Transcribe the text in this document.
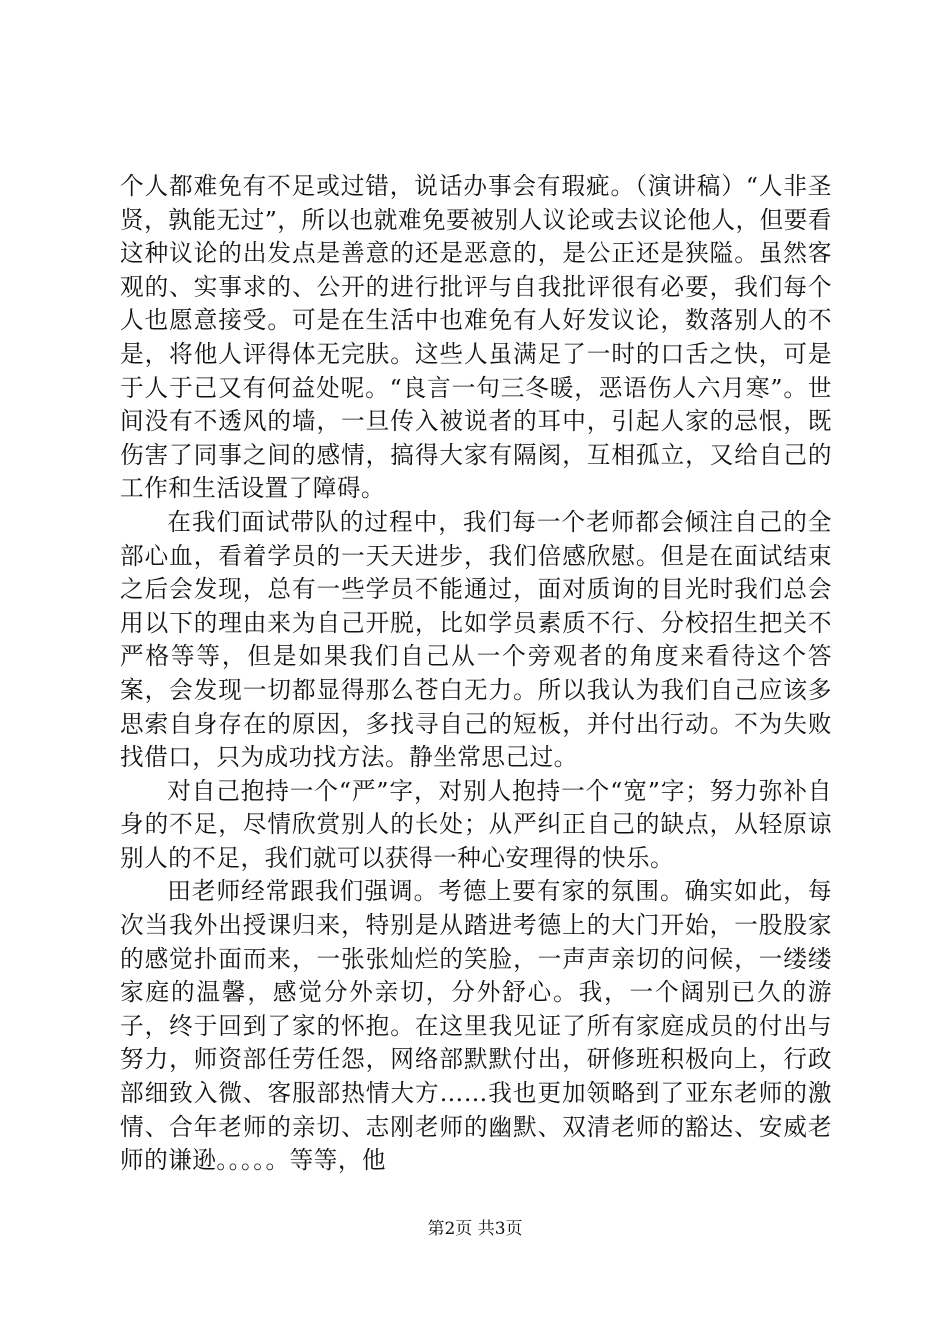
个人都难免有不足或过错，说话办事会有瑕疵。（演讲稿）“人非圣贤，孰能无过”，所以也就难免要被别人议论或去议论他人，但要看这种议论的出发点是善意的还是恶意的，是公正还是狭隘。虽然客观的、实事求的、公开的进行批评与自我批评很有必要，我们每个人也愿意接受。可是在生活中也难免有人好发议论，数落别人的不是，将他人评得体无完肤。这些人虽满足了一时的口舌之快，可是于人于己又有何益处呢。“良言一句三冬暖，恶语伤人六月寒”。世间没有不透风的墙，一旦传入被说者的耳中，引起人家的忌恨，既伤害了同事之间的感情，搞得大家有隔阂，互相孤立，又给自己的工作和生活设置了障碍。

在我们面试带队的过程中，我们每一个老师都会倾注自己的全部心血，看着学员的一天天进步，我们倍感欣慰。但是在面试结束之后会发现，总有一些学员不能通过，面对质询的目光时我们总会用以下的理由来为自己开脱，比如学员素质不行、分校招生把关不严格等等，但是如果我们自己从一个旁观者的角度来看待这个答案，会发现一切都显得那么苍白无力。所以我认为我们自己应该多思索自身存在的原因，多找寻自己的短板，并付出行动。不为失败找借口，只为成功找方法。静坐常思己过。

对自己抱持一个“严”字，对别人抱持一个“宽”字；努力弥补自身的不足，尽情欣赏别人的长处；从严纠正自己的缺点，从轻原谅别人的不足，我们就可以获得一种心安理得的快乐。

田老师经常跟我们强调。考德上要有家的氛围。确实如此，每次当我外出授课归来，特别是从踏进考德上的大门开始，一股股家的感觉扑面而来，一张张灿烂的笑脸，一声声亲切的问候，一缕缕家庭的温馨，感觉分外亲切，分外舒心。我，一个阔别已久的游子，终于回到了家的怀抱。在这里我见证了所有家庭成员的付出与努力，师资部任劳任怨，网络部默默付出，研修班积极向上，行政部细致入微、客服部热情大方……我也更加领略到了亚东老师的激情、合年老师的亲切、志刚老师的幽默、双清老师的豁达、安威老师的谦逊。。。。。等等，他

第2页 共3页
